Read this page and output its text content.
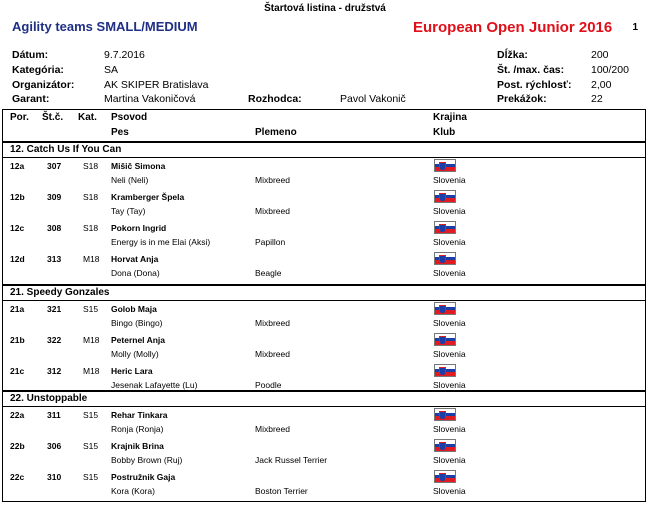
Štartová listina - družstvá
1
Agility teams SMALL/MEDIUM	European Open Junior 2016
Dátum:	9.7.2016
Kategória:	SA
Organizátor:	AK SKIPER Bratislava
Garant:	Martina Vakoničová	Rozhodca:	Pavol Vakonič
Dĺžka:	200
Št. /max. čas:	100/200
Post. rýchlosť: 2,00
Prekážok:	22
Por. Št.č. Kat. Psovod
Pes	Plemeno
Krajina
Klub
12. Catch Us If You Can
12a	307	S18 Mišič Simona
Neli (Neli)	Mixbreed	Slovenia
12b	309	S18 Kramberger Špela
Tay (Tay)	Mixbreed	Slovenia
12c	308	S18 Pokorn Ingrid
Energy is in me Elai (Aksi)	Papillon	Slovenia
12d	313	M18 Horvat Anja
Dona (Dona)	Beagle	Slovenia
21. Speedy Gonzales
21a	321	S15 Golob Maja
Bingo (Bingo)	Mixbreed	Slovenia
21b	322	M18 Peternel Anja
Molly (Molly)	Mixbreed	Slovenia
21c	312	M18 Heric Lara
Jesenak Lafayette (Lu)	Poodle	Slovenia
22. Unstoppable
22a	311	S15 Rehar Tinkara
Ronja (Ronja)	Mixbreed	Slovenia
22b	306	S15 Krajnik Brina
Bobby Brown (Ruj)	Jack Russel Terrier	Slovenia
22c	310	S15 Postružnik Gaja
Kora (Kora)	Boston Terrier	Slovenia
